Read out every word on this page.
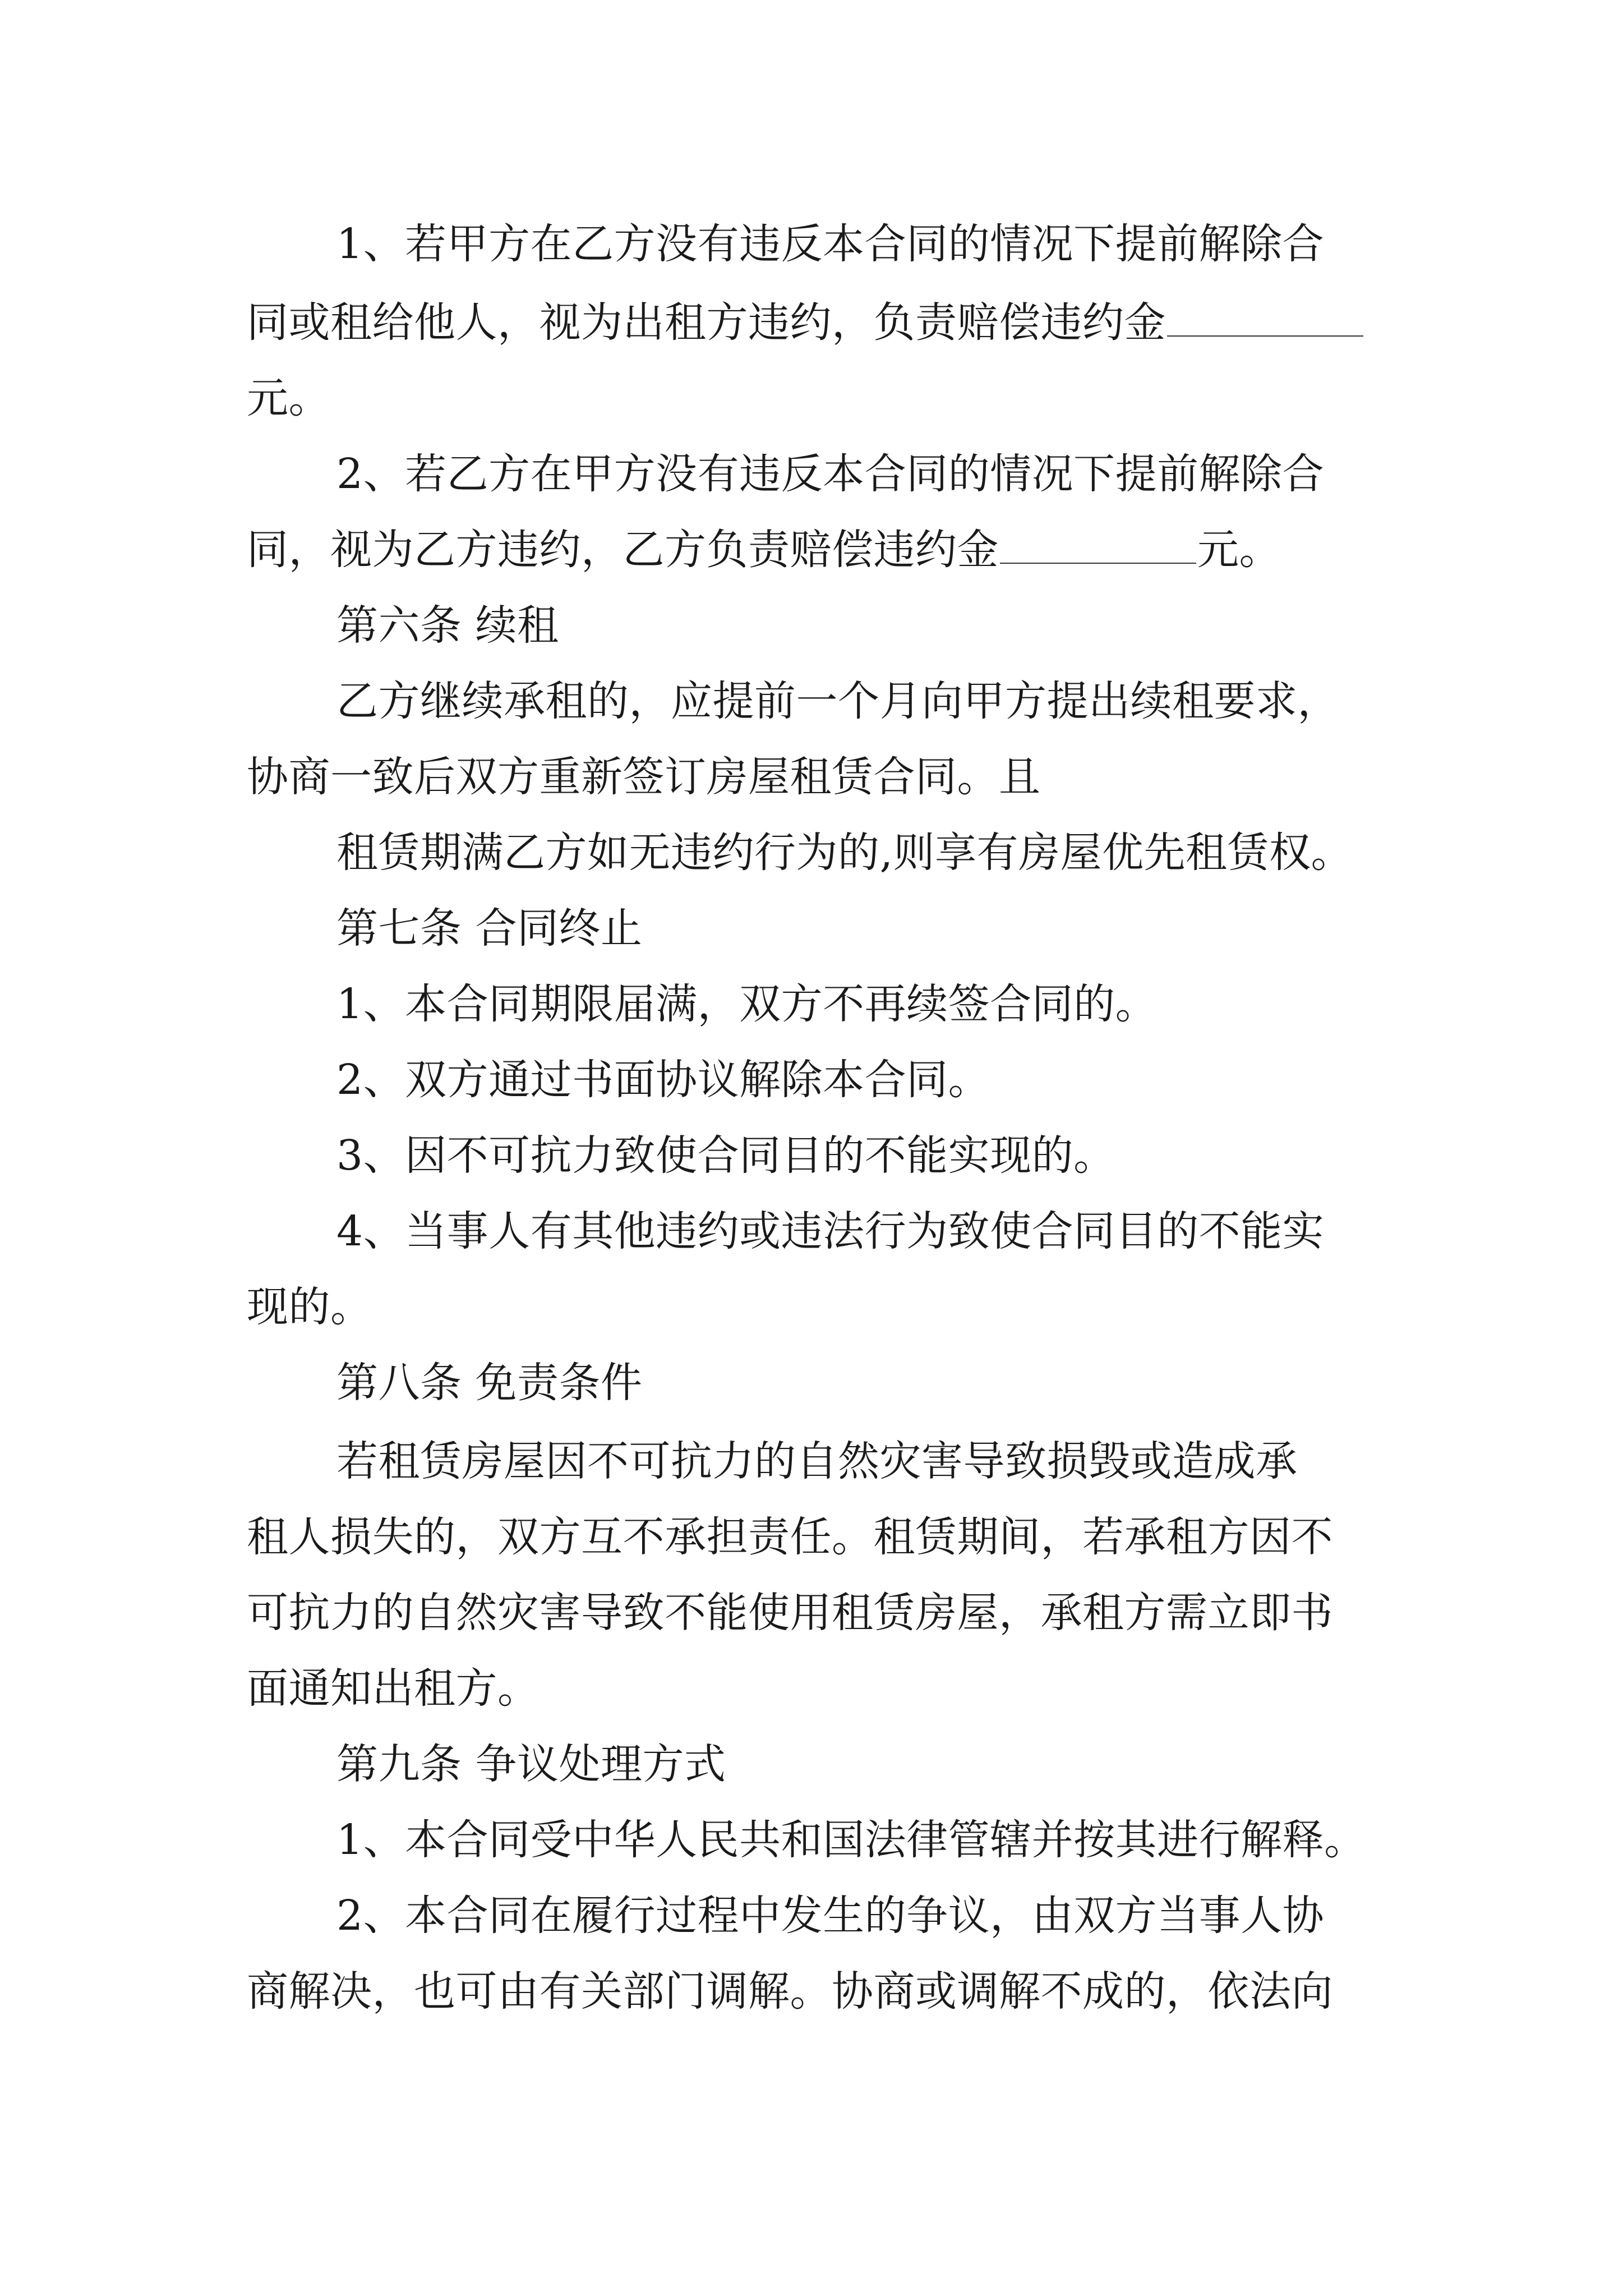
1、若甲方在乙方没有违反本合同的情况下提前解除合
同或租给他人，视为出租方违约，负责赔偿违约金
元。
2、若乙方在甲方没有违反本合同的情况下提前解除合
同，视为乙方违约，乙方负责赔偿违约金	元。
第六条 续租
乙方继续承租的，应提前一个月向甲方提出续租要求，
协商一致后双方重新签订房屋租赁合同。且
租赁期满乙方如无违约行为的,则享有房屋优先租赁权。
第七条 合同终止
1、本合同期限届满，双方不再续签合同的。
2、双方通过书面协议解除本合同。
3、因不可抗力致使合同目的不能实现的。
4、当事人有其他违约或违法行为致使合同目的不能实
现的。
第八条 免责条件
若租赁房屋因不可抗力的自然灾害导致损毁或造成承
租人损失的，双方互不承担责任。租赁期间，若承租方因不
可抗力的自然灾害导致不能使用租赁房屋，承租方需立即书
面通知出租方。
第九条 争议处理方式
1、本合同受中华人民共和国法律管辖并按其进行解释。
2、本合同在履行过程中发生的争议，由双方当事人协
商解决，也可由有关部门调解。协商或调解不成的，依法向
